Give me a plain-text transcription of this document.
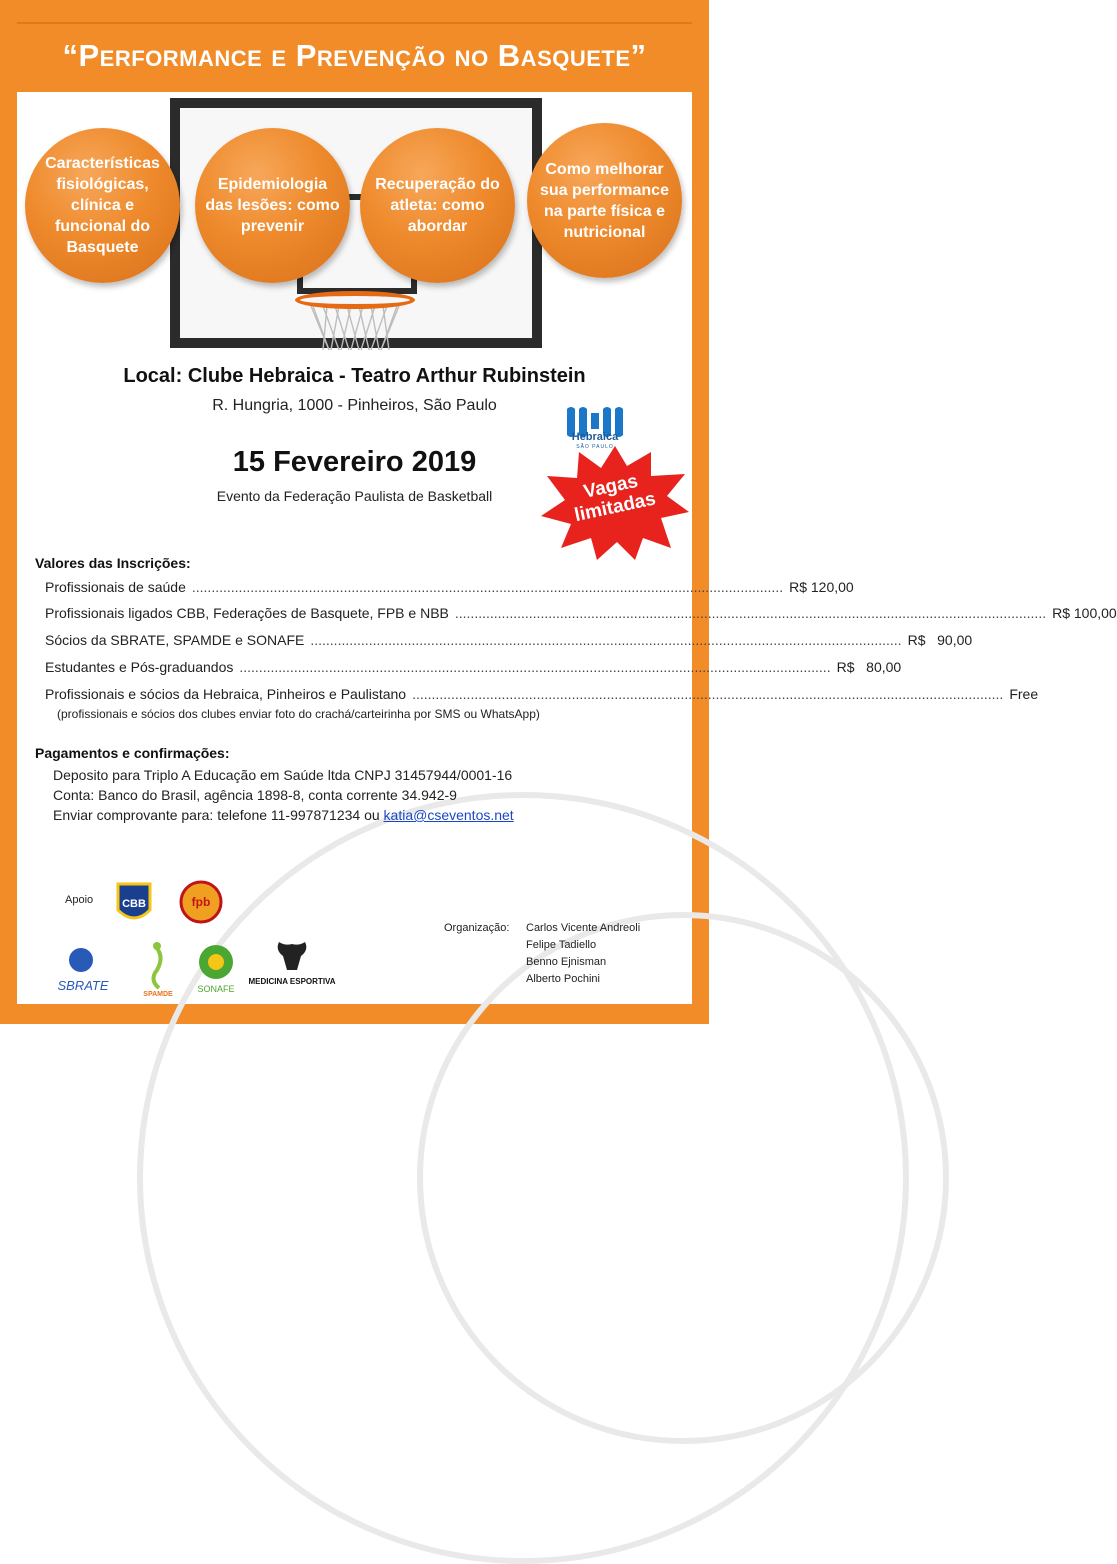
“Performance e Prevenção no Basquete”
Características fisiológicas, clínica e funcional do Basquete
Epidemiologia das lesões: como prevenir
Recuperação do atleta: como abordar
Como melhorar sua performance na parte física e nutricional
Local: Clube Hebraica - Teatro Arthur Rubinstein
R. Hungria, 1000 - Pinheiros, São Paulo
Hebraica
SÃO PAULO
15 Fevereiro 2019
Evento da Federação Paulista de Basketball	Vagas limitadas
Valores das Inscrições:
Profissionais de saúde ........................................................................................................................................................ R$ 120,00
Profissionais ligados CBB, Federações de Basquete, FPB e NBB ........................................................................................................................................................ R$ 100,00
Sócios da SBRATE, SPAMDE e SONAFE ........................................................................................................................................................ R$   90,00
Estudantes e Pós-graduandos ........................................................................................................................................................ R$   80,00
Profissionais e sócios da Hebraica, Pinheiros e Paulistano ........................................................................................................................................................ Free
(profissionais e sócios dos clubes enviar foto do crachá/carteirinha por SMS ou WhatsApp)
Pagamentos e confirmações:
Deposito para Triplo A Educação em Saúde ltda CNPJ 31457944/0001-16
Conta: Banco do Brasil, agência 1898-8, conta corrente 34.942-9
Enviar comprovante para: telefone 11-997871234 ou katia@cseventos.net
Apoio	CBB	fpb
SBRATE
SPAMDE
SONAFE
MEDICINA ESPORTIVA
Organização: Carlos Vicente Andreoli
Felipe Tadiello
Benno Ejnisman
Alberto Pochini
